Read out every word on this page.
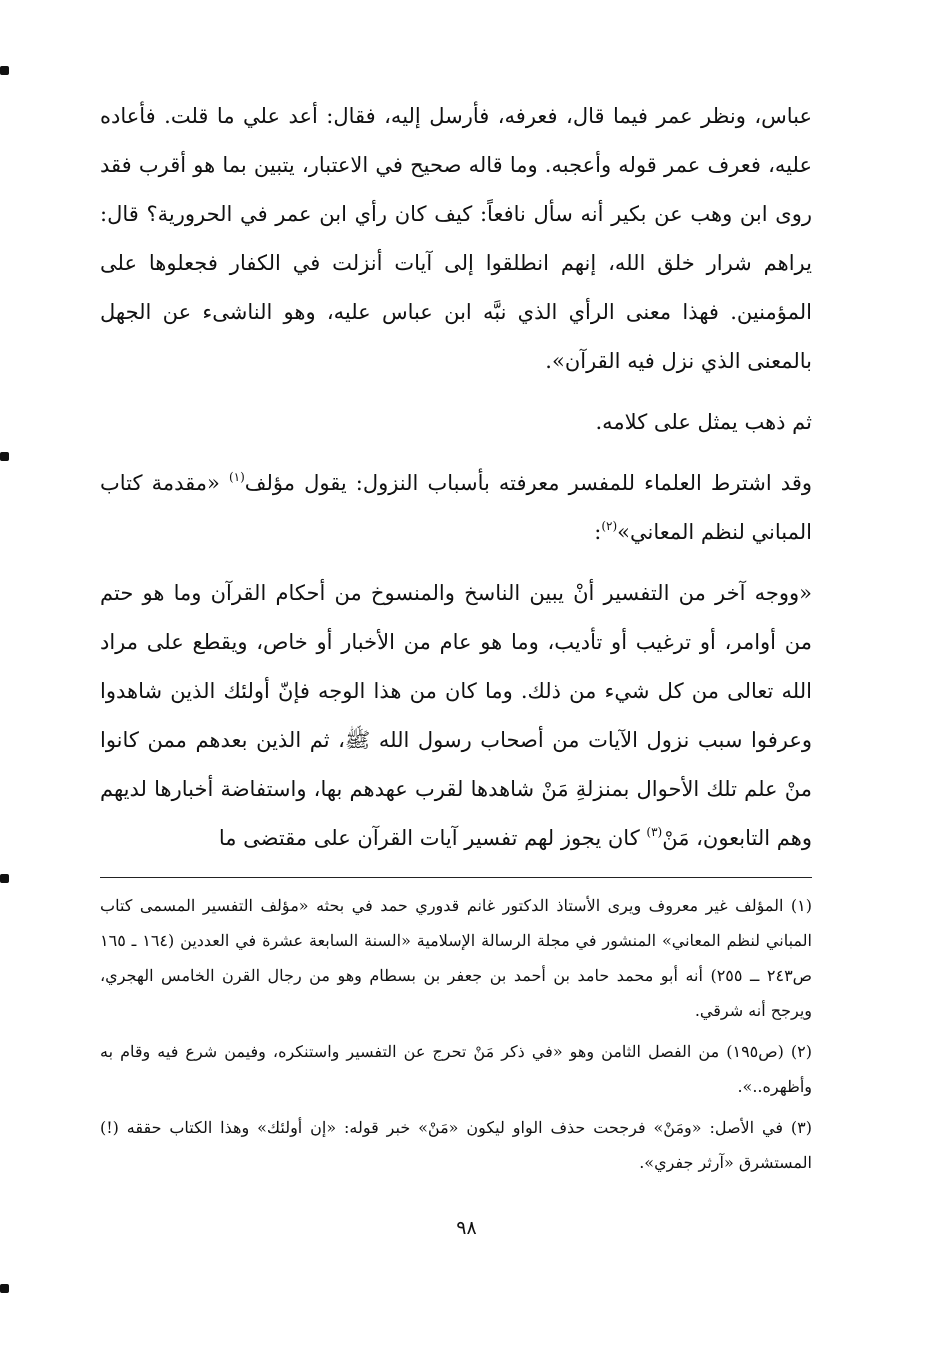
عباس، ونظر عمر فيما قال، فعرفه، فأرسل إليه، فقال: أعد علي ما قلت. فأعاده عليه، فعرف عمر قوله وأعجبه. وما قاله صحيح في الاعتبار، يتبين بما هو أقرب فقد روى ابن وهب عن بكير أنه سأل نافعاً: كيف كان رأي ابن عمر في الحرورية؟ قال: يراهم شرار خلق الله، إنهم انطلقوا إلى آيات أنزلت في الكفار فجعلوها على المؤمنين. فهذا معنى الرأي الذي نبَّه ابن عباس عليه، وهو الناشىء عن الجهل بالمعنى الذي نزل فيه القرآن».

ثم ذهب يمثل على كلامه.

وقد اشترط العلماء للمفسر معرفته بأسباب النزول: يقول مؤلف$^{(١)}$ «مقدمة كتاب المباني لنظم المعاني»$^{(٢)}$:

«ووجه آخر من التفسير أنْ يبين الناسخ والمنسوخ من أحكام القرآن وما هو حتم من أوامر، أو ترغيب أو تأديب، وما هو عام من الأخبار أو خاص، ويقطع على مراد الله تعالى من كل شيء من ذلك. وما كان من هذا الوجه فإنّ أولئك الذين شاهدوا وعرفوا سبب نزول الآيات من أصحاب رسول الله ﷺ، ثم الذين بعدهم ممن كانوا منْ علم تلك الأحوال بمنزلةِ مَنْ شاهدها لقرب عهدهم بها، واستفاضة أخبارها لديهم وهم التابعون، مَنْ$^{(٣)}$ كان يجوز لهم تفسير آيات القرآن على مقتضى ما

(١) المؤلف غير معروف ويرى الأستاذ الدكتور غانم قدوري حمد في بحثه «مؤلف التفسير المسمى كتاب المباني لنظم المعاني» المنشور في مجلة الرسالة الإسلامية «السنة السابعة عشرة في العددين (١٦٤ ـ ١٦٥ ص٢٤٣ ــ ٢٥٥) أنه أبو محمد حامد بن أحمد بن جعفر بن بسطام وهو من رجال القرن الخامس الهجري، ويرجح أنه شرقي.

(٢) (ص١٩٥) من الفصل الثامن وهو «في ذكر مَنْ تحرج عن التفسير واستنكره، وفيمن شرع فيه وقام به وأظهره..».

(٣) في الأصل: «ومَنْ» فرجحت حذف الواو ليكون «مَنْ» خبر قوله: «إن أولئك» وهذا الكتاب حققه (!) المستشرق «آرثر جفري».

٩٨
